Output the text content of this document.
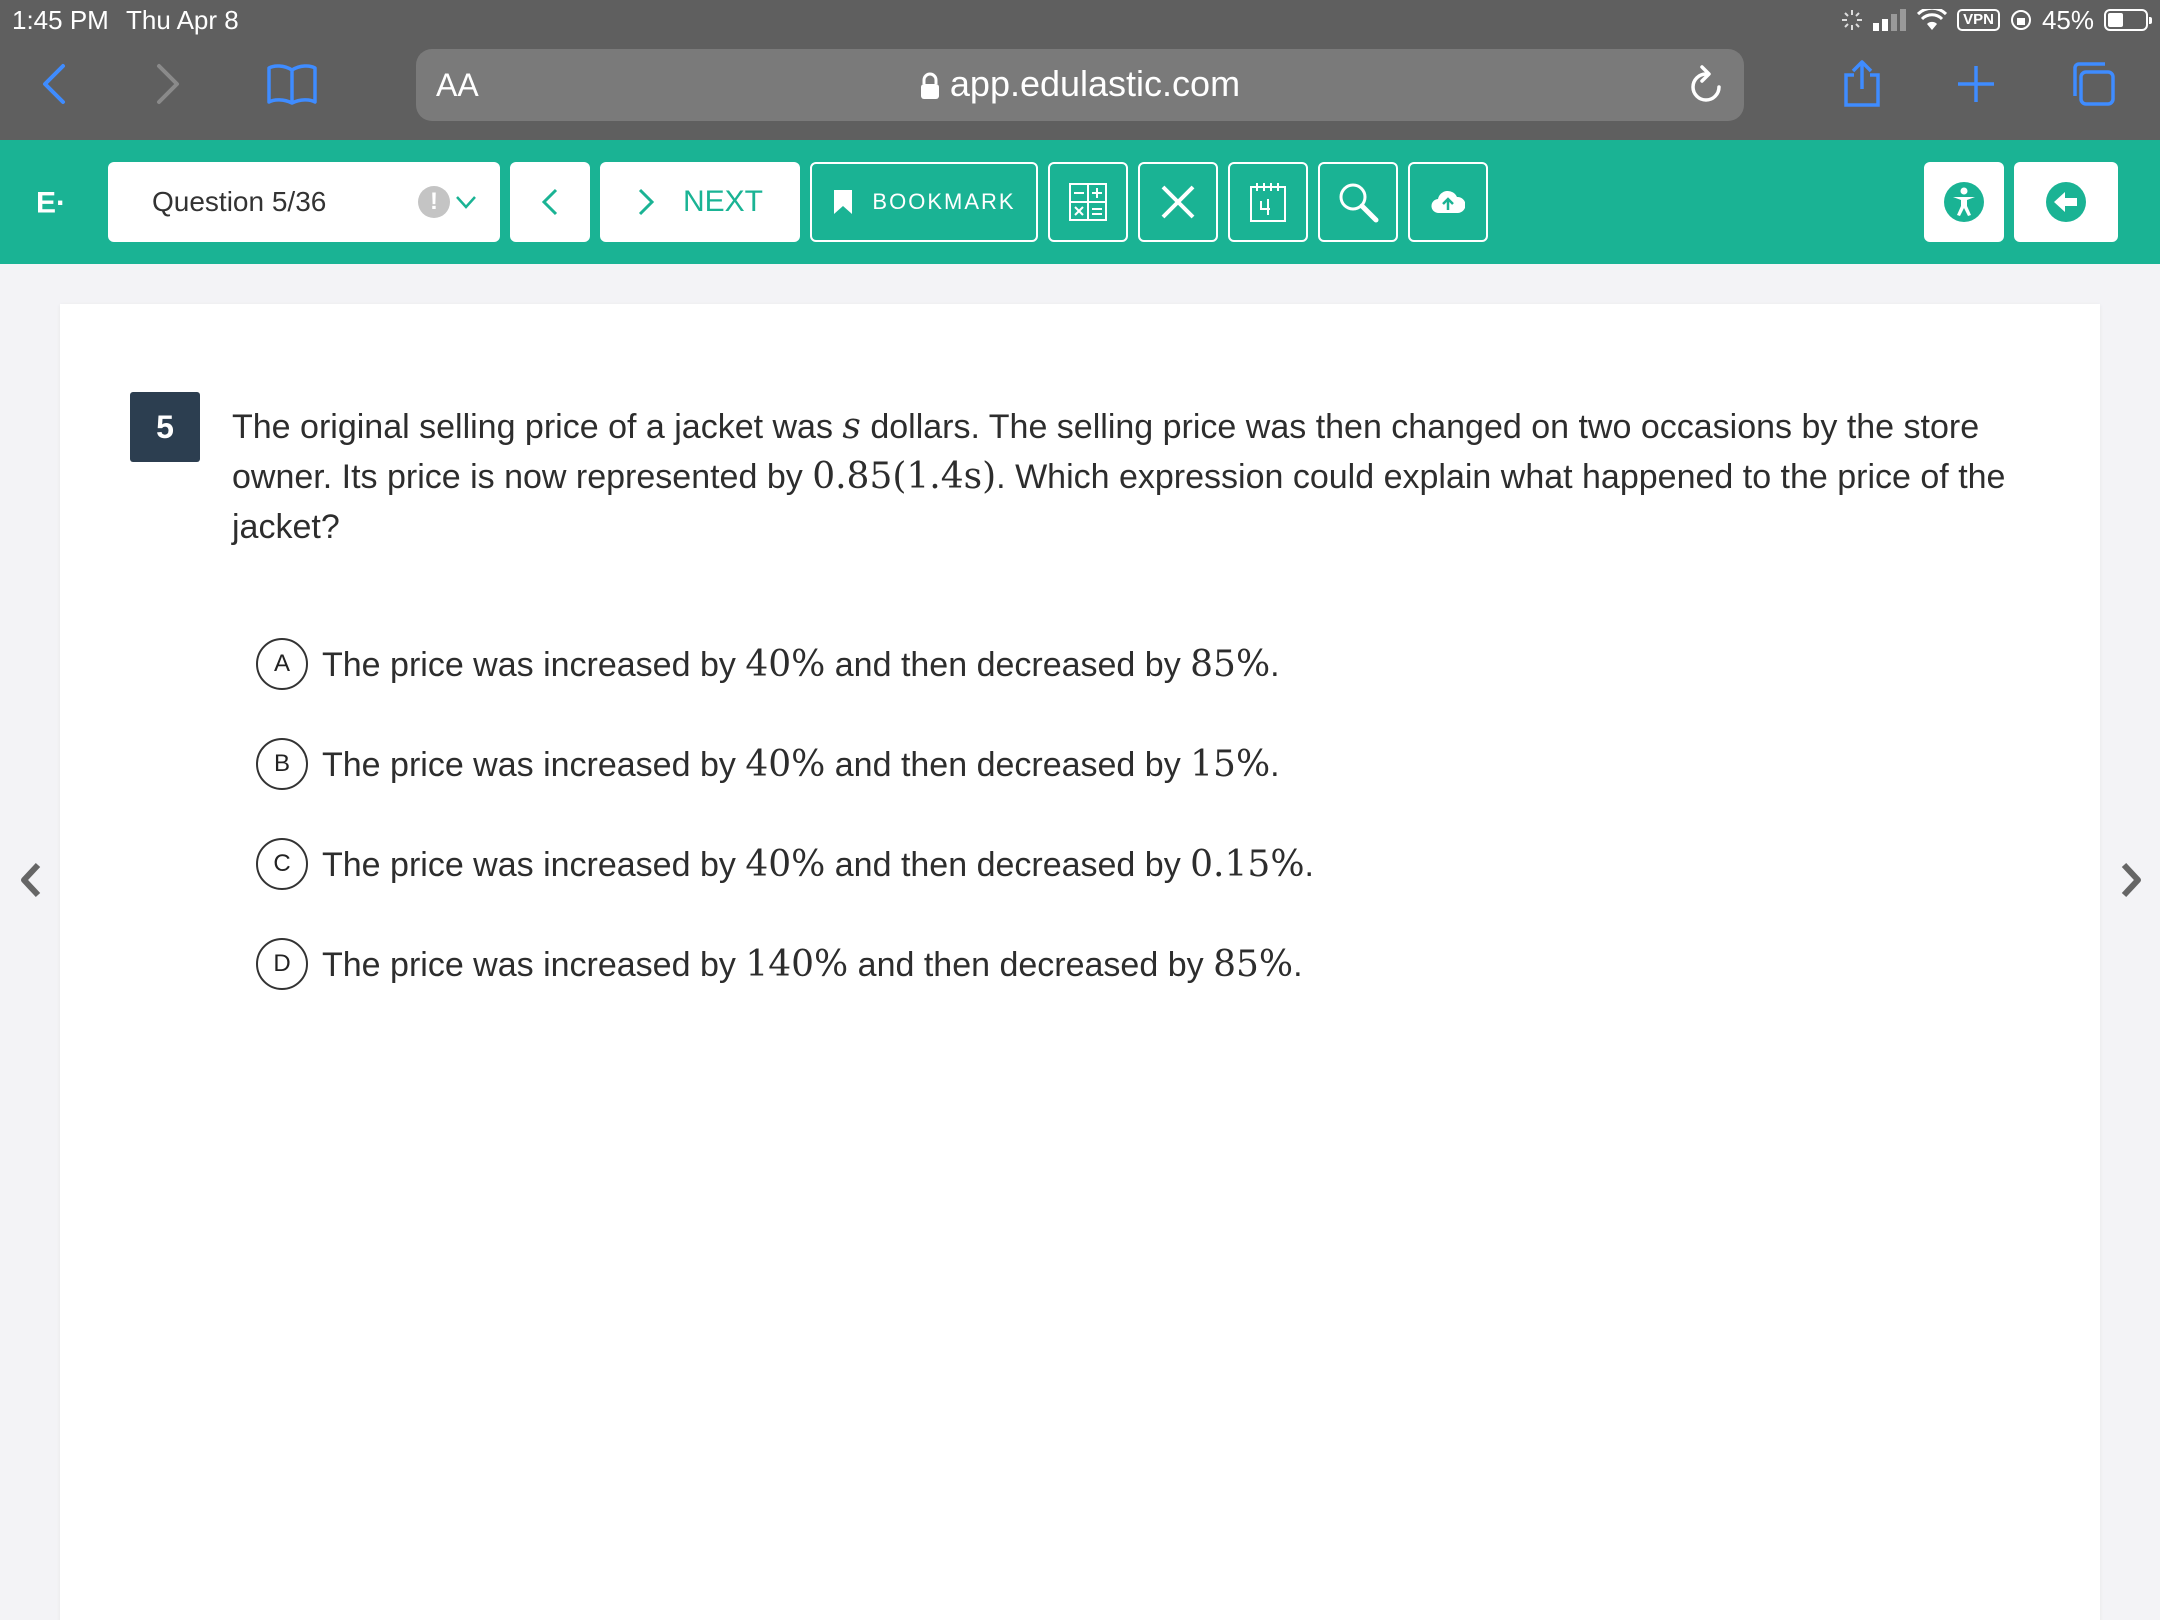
1:45 PM Thu Apr 8	VPN 45%
AA	app.edulastic.com
E·	Question 5/36	!	NEXT	BOOKMARK
5	The original selling price of a jacket was s dollars. The selling price was then changed on two occasions by the store owner. Its price is now represented by 0.85(1.4s). Which expression could explain what happened to the price of the jacket?
A The price was increased by 40% and then decreased by 85%.
B The price was increased by 40% and then decreased by 15%.
C The price was increased by 40% and then decreased by 0.15%.
D The price was increased by 140% and then decreased by 85%.
